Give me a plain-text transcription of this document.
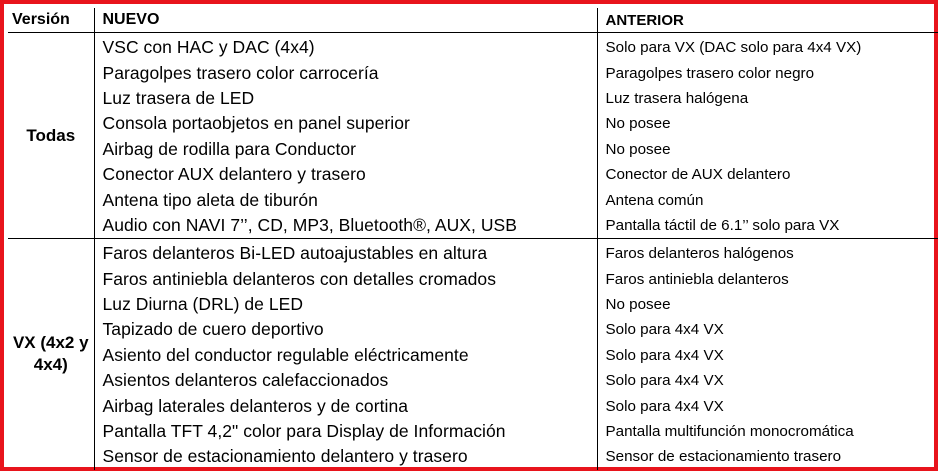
Versión	NUEVO	ANTERIOR
Todas	VSC con HAC y DAC (4x4)	Solo para VX (DAC solo para 4x4 VX)
	Paragolpes trasero color carrocería	Paragolpes trasero color negro
	Luz trasera de LED	Luz trasera halógena
	Consola portaobjetos en panel superior	No posee
	Airbag de rodilla para Conductor	No posee
	Conector AUX delantero y trasero	Conector de AUX delantero
	Antena tipo aleta de tiburón	Antena común
	Audio con NAVI 7’’, CD, MP3, Bluetooth®, AUX, USB	Pantalla táctil de 6.1’’ solo para VX
VX (4x2 y 4x4)	Faros delanteros Bi-LED autoajustables en altura	Faros delanteros halógenos
	Faros antiniebla delanteros con detalles cromados	Faros antiniebla delanteros
	Luz Diurna (DRL) de LED	No posee
	Tapizado de cuero deportivo	Solo para 4x4 VX
	Asiento del conductor regulable eléctricamente	Solo para 4x4 VX
	Asientos delanteros calefaccionados	Solo para 4x4 VX
	Airbag laterales delanteros y de cortina	Solo para 4x4 VX
	Pantalla TFT 4,2" color para Display de Información	Pantalla multifunción monocromática
	Sensor de estacionamiento delantero y trasero	Sensor de estacionamiento trasero
